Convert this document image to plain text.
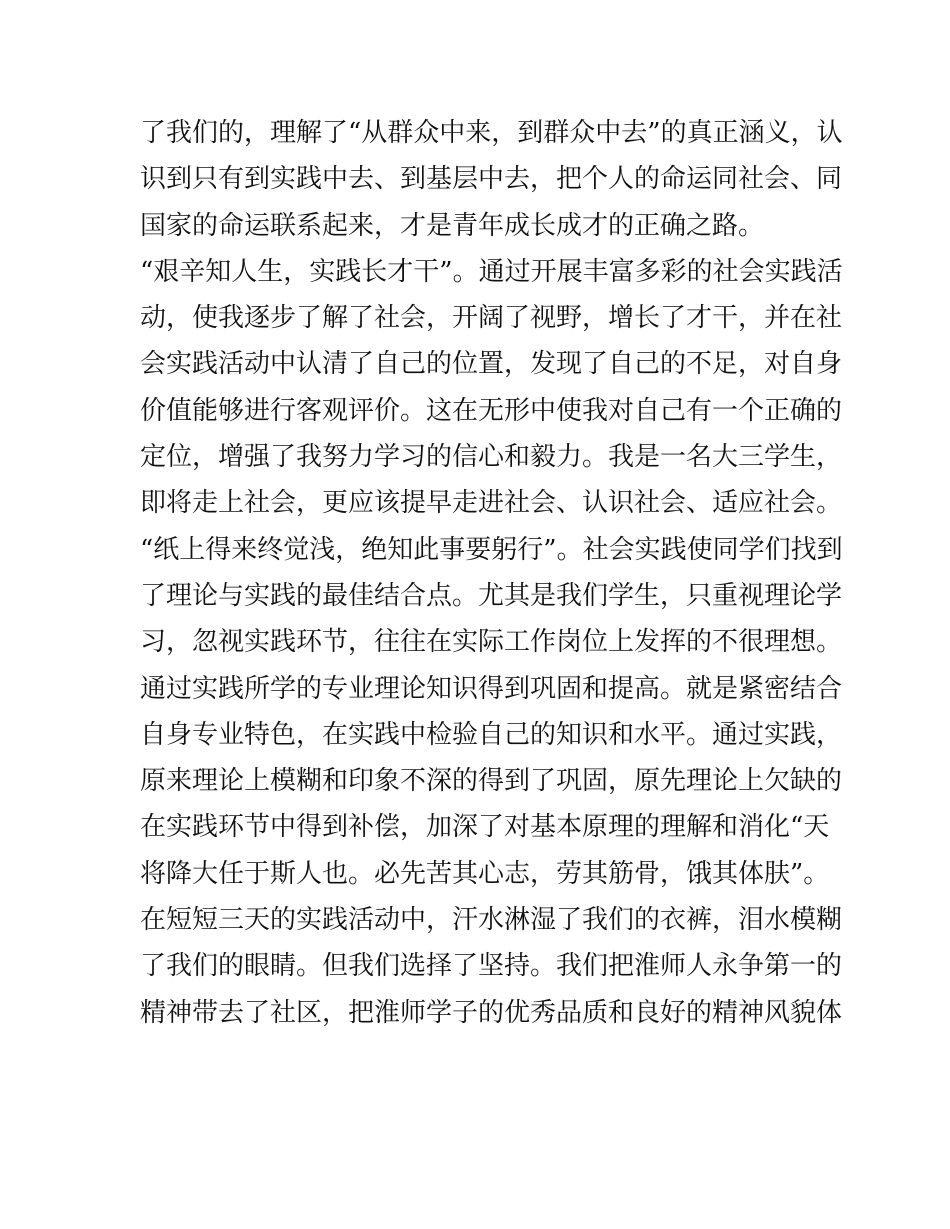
了我们的，理解了“从群众中来，到群众中去”的真正涵义，认
识到只有到实践中去、到基层中去，把个人的命运同社会、同
国家的命运联系起来，才是青年成长成才的正确之路。
“艰辛知人生，实践长才干”。通过开展丰富多彩的社会实践活
动，使我逐步了解了社会，开阔了视野，增长了才干，并在社
会实践活动中认清了自己的位置，发现了自己的不足，对自身
价值能够进行客观评价。这在无形中使我对自己有一个正确的
定位，增强了我努力学习的信心和毅力。我是一名大三学生，
即将走上社会，更应该提早走进社会、认识社会、适应社会。
“纸上得来终觉浅，绝知此事要躬行”。社会实践使同学们找到
了理论与实践的最佳结合点。尤其是我们学生，只重视理论学
习，忽视实践环节，往往在实际工作岗位上发挥的不很理想。
通过实践所学的专业理论知识得到巩固和提高。就是紧密结合
自身专业特色，在实践中检验自己的知识和水平。通过实践，
原来理论上模糊和印象不深的得到了巩固，原先理论上欠缺的
在实践环节中得到补偿，加深了对基本原理的理解和消化“天
将降大任于斯人也。必先苦其心志，劳其筋骨，饿其体肤”。
在短短三天的实践活动中，汗水淋湿了我们的衣裤，泪水模糊
了我们的眼睛。但我们选择了坚持。我们把淮师人永争第一的
精神带去了社区，把淮师学子的优秀品质和良好的精神风貌体
